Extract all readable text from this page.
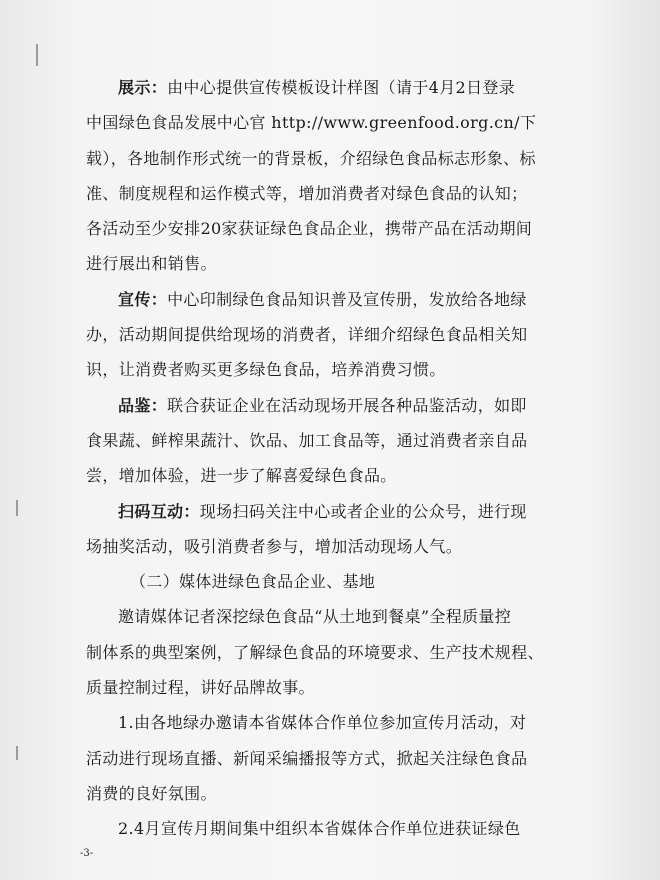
展示：由中心提供宣传模板设计样图（请于4月2日登录
中国绿色食品发展中心官 http://www.greenfood.org.cn/下
载），各地制作形式统一的背景板，介绍绿色食品标志形象、标
准、制度规程和运作模式等，增加消费者对绿色食品的认知；
各活动至少安排20家获证绿色食品企业，携带产品在活动期间
进行展出和销售。
宣传：中心印制绿色食品知识普及宣传册，发放给各地绿
办，活动期间提供给现场的消费者，详细介绍绿色食品相关知
识，让消费者购买更多绿色食品，培养消费习惯。
品鉴：联合获证企业在活动现场开展各种品鉴活动，如即
食果蔬、鲜榨果蔬汁、饮品、加工食品等，通过消费者亲自品
尝，增加体验，进一步了解喜爱绿色食品。
扫码互动：现场扫码关注中心或者企业的公众号，进行现
场抽奖活动，吸引消费者参与，增加活动现场人气。
（二）媒体进绿色食品企业、基地
邀请媒体记者深挖绿色食品“从土地到餐桌”全程质量控
制体系的典型案例，了解绿色食品的环境要求、生产技术规程、
质量控制过程，讲好品牌故事。
1.由各地绿办邀请本省媒体合作单位参加宣传月活动，对
活动进行现场直播、新闻采编播报等方式，掀起关注绿色食品
消费的良好氛围。
2.4月宣传月期间集中组织本省媒体合作单位进获证绿色
-3-
